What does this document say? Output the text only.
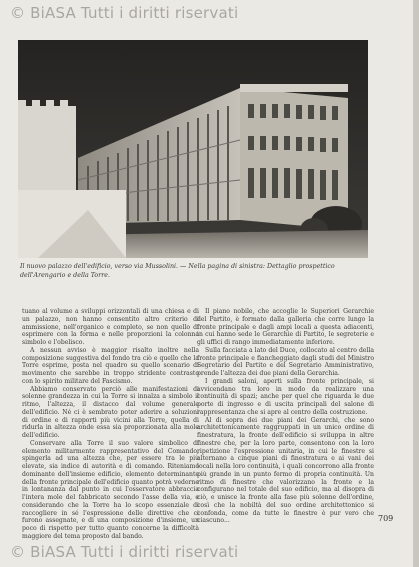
© BiASA Tutti i diritti riservati
Il nuovo palazzo dell'edificio, verso via Mussolini. — Nella pagina di sinistra: Dettaglio prospettico dell'Arengario e della Torre.

tuano al volume a sviluppi orizzontali di una chiesa e di un palazzo, non hanno consentito altro criterio di ammissione, nell'organico e completo, se non quello di esprimere con la forma e nelle proporzioni la colonna simbolo e l'obelisco.

A nessun avviso è maggior risalto inoltre nella composizione suggestiva del fondo tra ciò e quello che la Torre esprime, posta nel quadro su quello scenario di movimento che sarebbe in troppo stridente contrasto con lo spirito militare del Fascismo.

Abbiamo conservato perciò alle manifestazioni di solenne grandezza in cui la Torre si innalza a simbolo il ritmo, l'altezza, il distacco dal volume generale dell'edificio. Né ci è sembrato poter aderire a soluzioni di ordine e di rapporti più vicini alla Torre, quella di ridurla in altezza onde essa sia proporzionata alla mole dell'edificio.

Conservare alla Torre il suo valore simbolico di elemento militarmente rappresentativo del Comando, spingerla ad una altezza che, per essere tra le più elevate, sia indice di autorità e di comando. Riteniamo dominante dell'insieme edificio, elemento determinante della fronte principale dell'edificio quanto potrà vederne in lontananza dal punto in cui l'osservatore abbraccia l'intera mole del fabbricato secondo l'asse della via, e considerando che la Torre ha lo scopo essenziale di raccogliere in sé l'espressione delle direttive che ci furono assegnate, e di una composizione d'insieme, un poco di rispetto per tutto quanto concerne la difficoltà maggiore del tema proposto dal bando.

Il piano nobile, che accoglie le Superiori Gerarchie del Partito, è formato dalla galleria che corre lungo la fronte principale e dagli ampi locali a questa adiacenti, in cui hanno sede le Gerarchie di Partito, le segreterie e gli uffici di rango immediatamente inferiore.

Sulla facciata a lato del Duce, collocato al centro della fronte principale e fiancheggiato dagli studi del Ministro Segretario del Partito e del Segretario Amministrativo, prende l'altezza dei due piani della Gerarchia.

I grandi saloni, aperti sulla fronte principale, si avvicendano tra loro in modo da realizzare una continuità di spazi; anche per quel che riguarda le due porte di ingresso e di uscita principali del salone di rappresentanza che si apre al centro della costruzione.

Al di sopra dei due piani dei Gerarchi, che sono architettonicamente raggruppati in un unico ordine di finestratura, la fronte dell'edificio si sviluppa in altre finestre che, per la loro parte, consentono con la loro ripetizione l'espressione unitaria, in cui le finestre si alternano a cinque piani di finestratura e ai vani dei locali nella loro continuità, i quali concorrono alla fronte più grande in un punto fermo di propria continuità. Un ritmo di finestre che valorizzano la fronte e la configurano nel totale del suo edificio, ma al disopra di ciò, e unisce la fronte alla fase più solenne dell'ordine, così che la nobiltà del suo ordine architettonico si confonda, come da tutte le finestre è pur vero che ciascuno...	709
© BiASA Tutti i diritti riservati
